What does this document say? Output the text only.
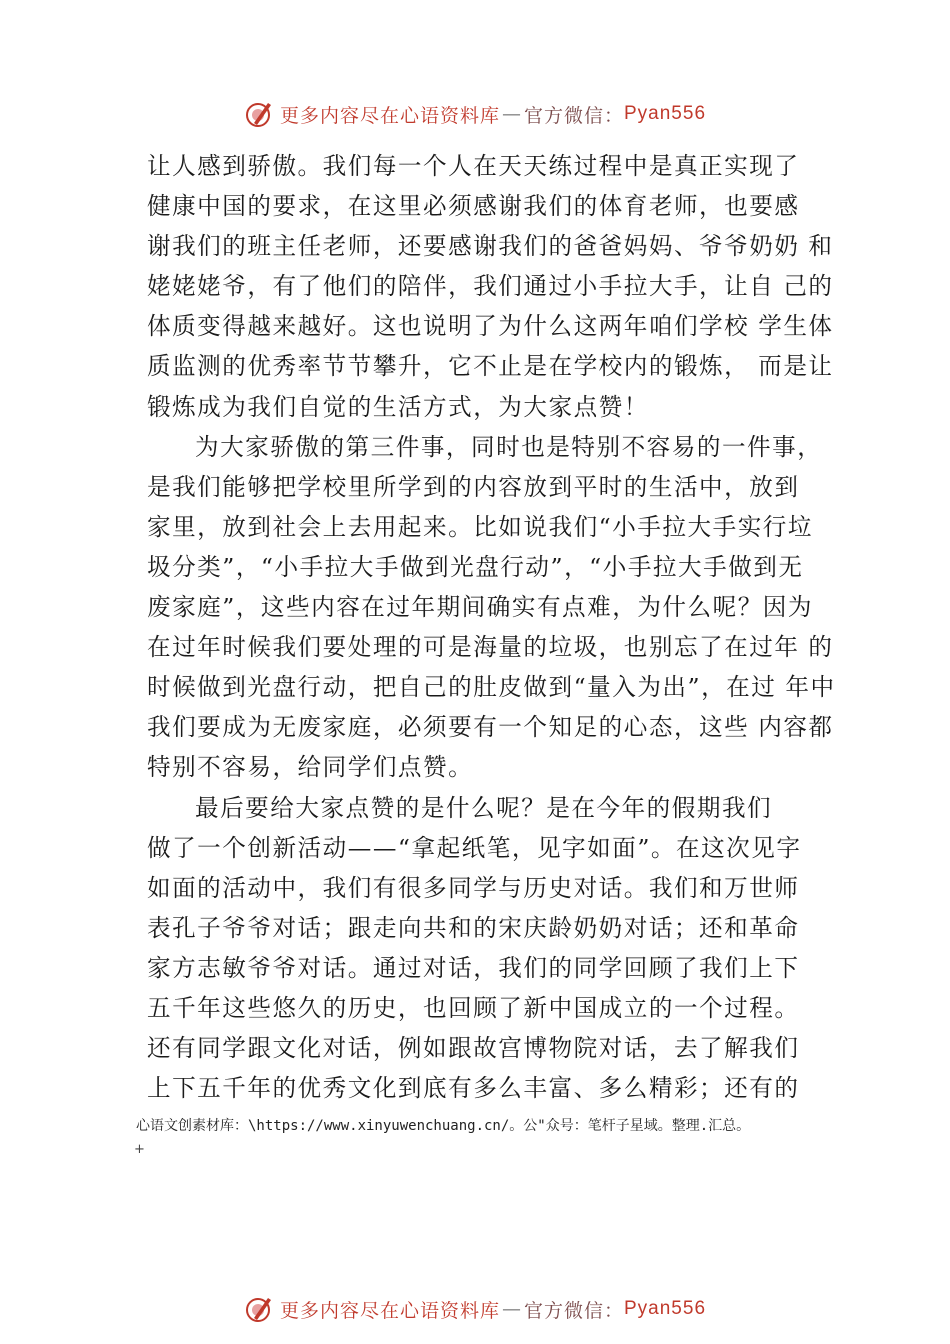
更多内容尽在心语资料库 — 官方微信： Pyan556
让人感到骄傲。我们每一个人在天天练过程中是真正实现了
健康中国的要求，在这里必须感谢我们的体育老师，也要感
谢我们的班主任老师，还要感谢我们的爸爸妈妈、爷爷奶奶 和
姥姥姥爷，有了他们的陪伴，我们通过小手拉大手，让自 己的
体质变得越来越好。这也说明了为什么这两年咱们学校 学生体
质监测的优秀率节节攀升，它不止是在学校内的锻炼， 而是让
锻炼成为我们自觉的生活方式，为大家点赞！
为大家骄傲的第三件事，同时也是特别不容易的一件事，
是我们能够把学校里所学到的内容放到平时的生活中，放到
家里，放到社会上去用起来。比如说我们“小手拉大手实行垃
圾分类”，“小手拉大手做到光盘行动”，“小手拉大手做到无
废家庭”，这些内容在过年期间确实有点难，为什么呢？因为
在过年时候我们要处理的可是海量的垃圾，也别忘了在过年 的
时候做到光盘行动，把自己的肚皮做到“量入为出”，在过 年中
我们要成为无废家庭，必须要有一个知足的心态，这些 内容都
特别不容易，给同学们点赞。
最后要给大家点赞的是什么呢？是在今年的假期我们
做了一个创新活动——“拿起纸笔，见字如面”。在这次见字
如面的活动中，我们有很多同学与历史对话。我们和万世师
表孔子爷爷对话；跟走向共和的宋庆龄奶奶对话；还和革命
家方志敏爷爷对话。通过对话，我们的同学回顾了我们上下
五千年这些悠久的历史，也回顾了新中国成立的一个过程。
还有同学跟文化对话，例如跟故宫博物院对话，去了解我们
上下五千年的优秀文化到底有多么丰富、多么精彩；还有的
心语文创素材库：\https://www.xinyuwenchuang.cn/。公"众号：笔杆子星域。整理.汇总。
+
更多内容尽在心语资料库 — 官方微信： Pyan556
